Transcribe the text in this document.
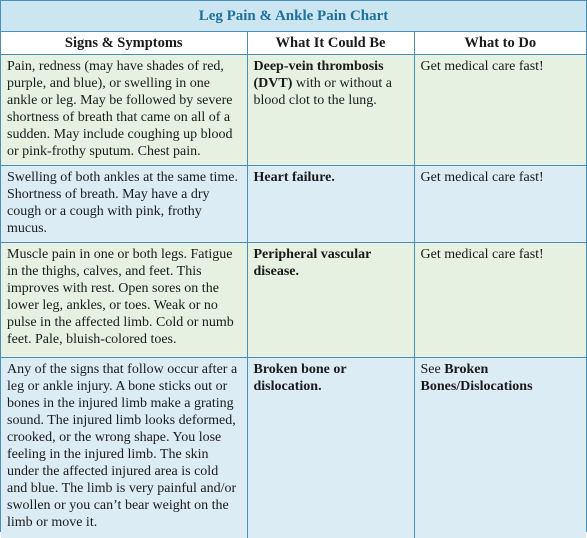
Leg Pain & Ankle Pain Chart
Signs & Symptoms	What It Could Be	What to Do
Pain, redness (may have shades of red, purple, and blue), or swelling in one ankle or leg. May be followed by severe shortness of breath that came on all of a sudden. May include coughing up blood or pink-frothy sputum. Chest pain.	Deep-vein thrombosis (DVT) with or without a blood clot to the lung.	Get medical care fast!
Swelling of both ankles at the same time. Shortness of breath. May have a dry cough or a cough with pink, frothy mucus.	Heart failure.	Get medical care fast!
Muscle pain in one or both legs. Fatigue in the thighs, calves, and feet. This improves with rest. Open sores on the lower leg, ankles, or toes. Weak or no pulse in the affected limb. Cold or numb feet. Pale, bluish-colored toes.	Peripheral vascular disease.	Get medical care fast!
Any of the signs that follow occur after a leg or ankle injury. A bone sticks out or bones in the injured limb make a grating sound. The injured limb looks deformed, crooked, or the wrong shape. You lose feeling in the injured limb. The skin under the affected injured area is cold and blue. The limb is very painful and/or swollen or you can’t bear weight on the limb or move it.	Broken bone or dislocation.	See Broken Bones/Dislocations
